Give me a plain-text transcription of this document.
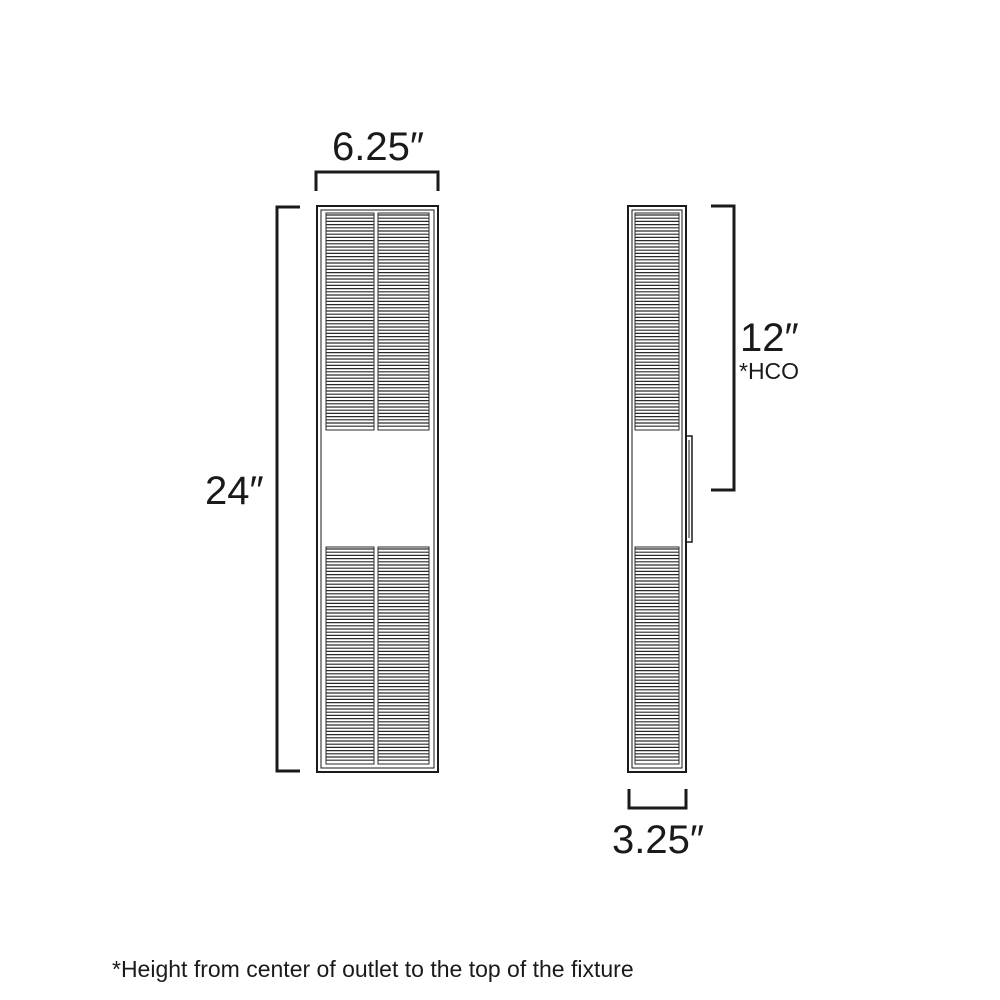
6.25″
24″
12″
*HCO
3.25″
*Height from center of outlet to the top of the fixture
